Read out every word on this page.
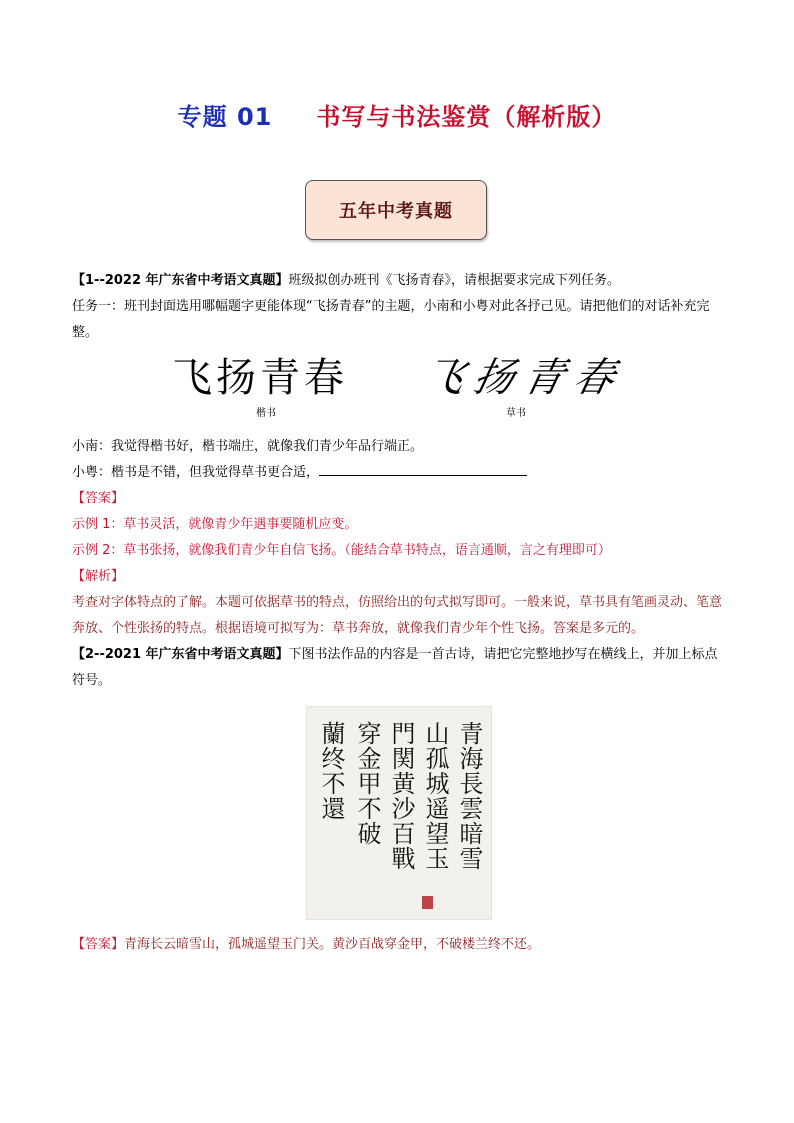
专题 01 书写与书法鉴赏（解析版）
五年中考真题

【1--2022 年广东省中考语文真题】班级拟创办班刊《飞扬青春》，请根据要求完成下列任务。

任务一：班刊封面选用哪幅题字更能体现“飞扬青春”的主题，小南和小粤对此各抒己见。请把他们的对话补充完整。

飞扬青春 飞扬青春
楷书	草书

小南：我觉得楷书好，楷书端庄，就像我们青少年品行端正。

小粤：楷书是不错，但我觉得草书更合适，

【答案】

示例 1：草书灵活，就像青少年遇事要随机应变。

示例 2：草书张扬，就像我们青少年自信飞扬。（能结合草书特点，语言通顺，言之有理即可）

【解析】

考查对字体特点的了解。本题可依据草书的特点，仿照给出的句式拟写即可。一般来说，草书具有笔画灵动、笔意奔放、个性张扬的特点。根据语境可拟写为：草书奔放，就像我们青少年个性飞扬。答案是多元的。

【2--2021 年广东省中考语文真题】下图书法作品的内容是一首古诗，请把它完整地抄写在横线上，并加上标点符号。

青海長雲暗雪
山孤城遥望玉
門関黄沙百戰
穿金甲不破
蘭终不還

【答案】青海长云暗雪山，孤城遥望玉门关。黄沙百战穿金甲，不破楼兰终不还。
